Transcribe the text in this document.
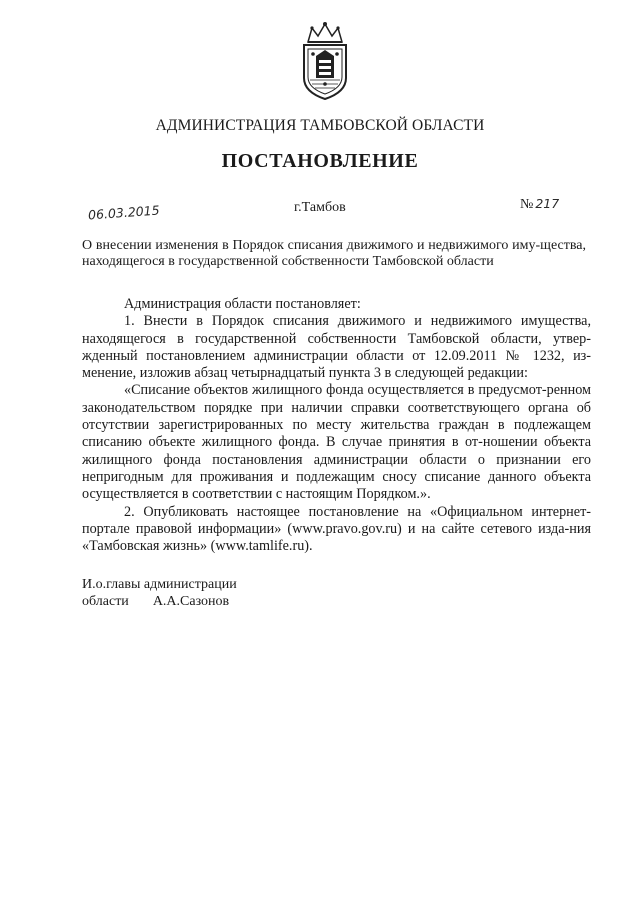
АДМИНИСТРАЦИЯ ТАМБОВСКОЙ ОБЛАСТИ
ПОСТАНОВЛЕНИЕ
06.03.2015	г.Тамбов	№ 217
О внесении изменения в Порядок списания движимого и недвижимого иму-щества, находящегося в государственной собственности Тамбовской области

Администрация области постановляет:

1. Внести в Порядок списания движимого и недвижимого имущества, находящегося в государственной собственности Тамбовской области, утвер-жденный постановлением администрации области от 12.09.2011 № 1232, из-менение, изложив абзац четырнадцатый пункта 3 в следующей редакции:

«Списание объектов жилищного фонда осуществляется в предусмот-ренном законодательством порядке при наличии справки соответствующего органа об отсутствии зарегистрированных по месту жительства граждан в подлежащем списанию объекте жилищного фонда. В случае принятия в от-ношении объекта жилищного фонда постановления администрации области о признании его непригодным для проживания и подлежащим сносу списание данного объекта осуществляется в соответствии с настоящим Порядком.».

2. Опубликовать настоящее постановление на «Официальном интернет-портале правовой информации» (www.pravo.gov.ru) и на сайте сетевого изда-ния «Тамбовская жизнь» (www.tamlife.ru).

И.о.главы администрации
области А.А.Сазонов
